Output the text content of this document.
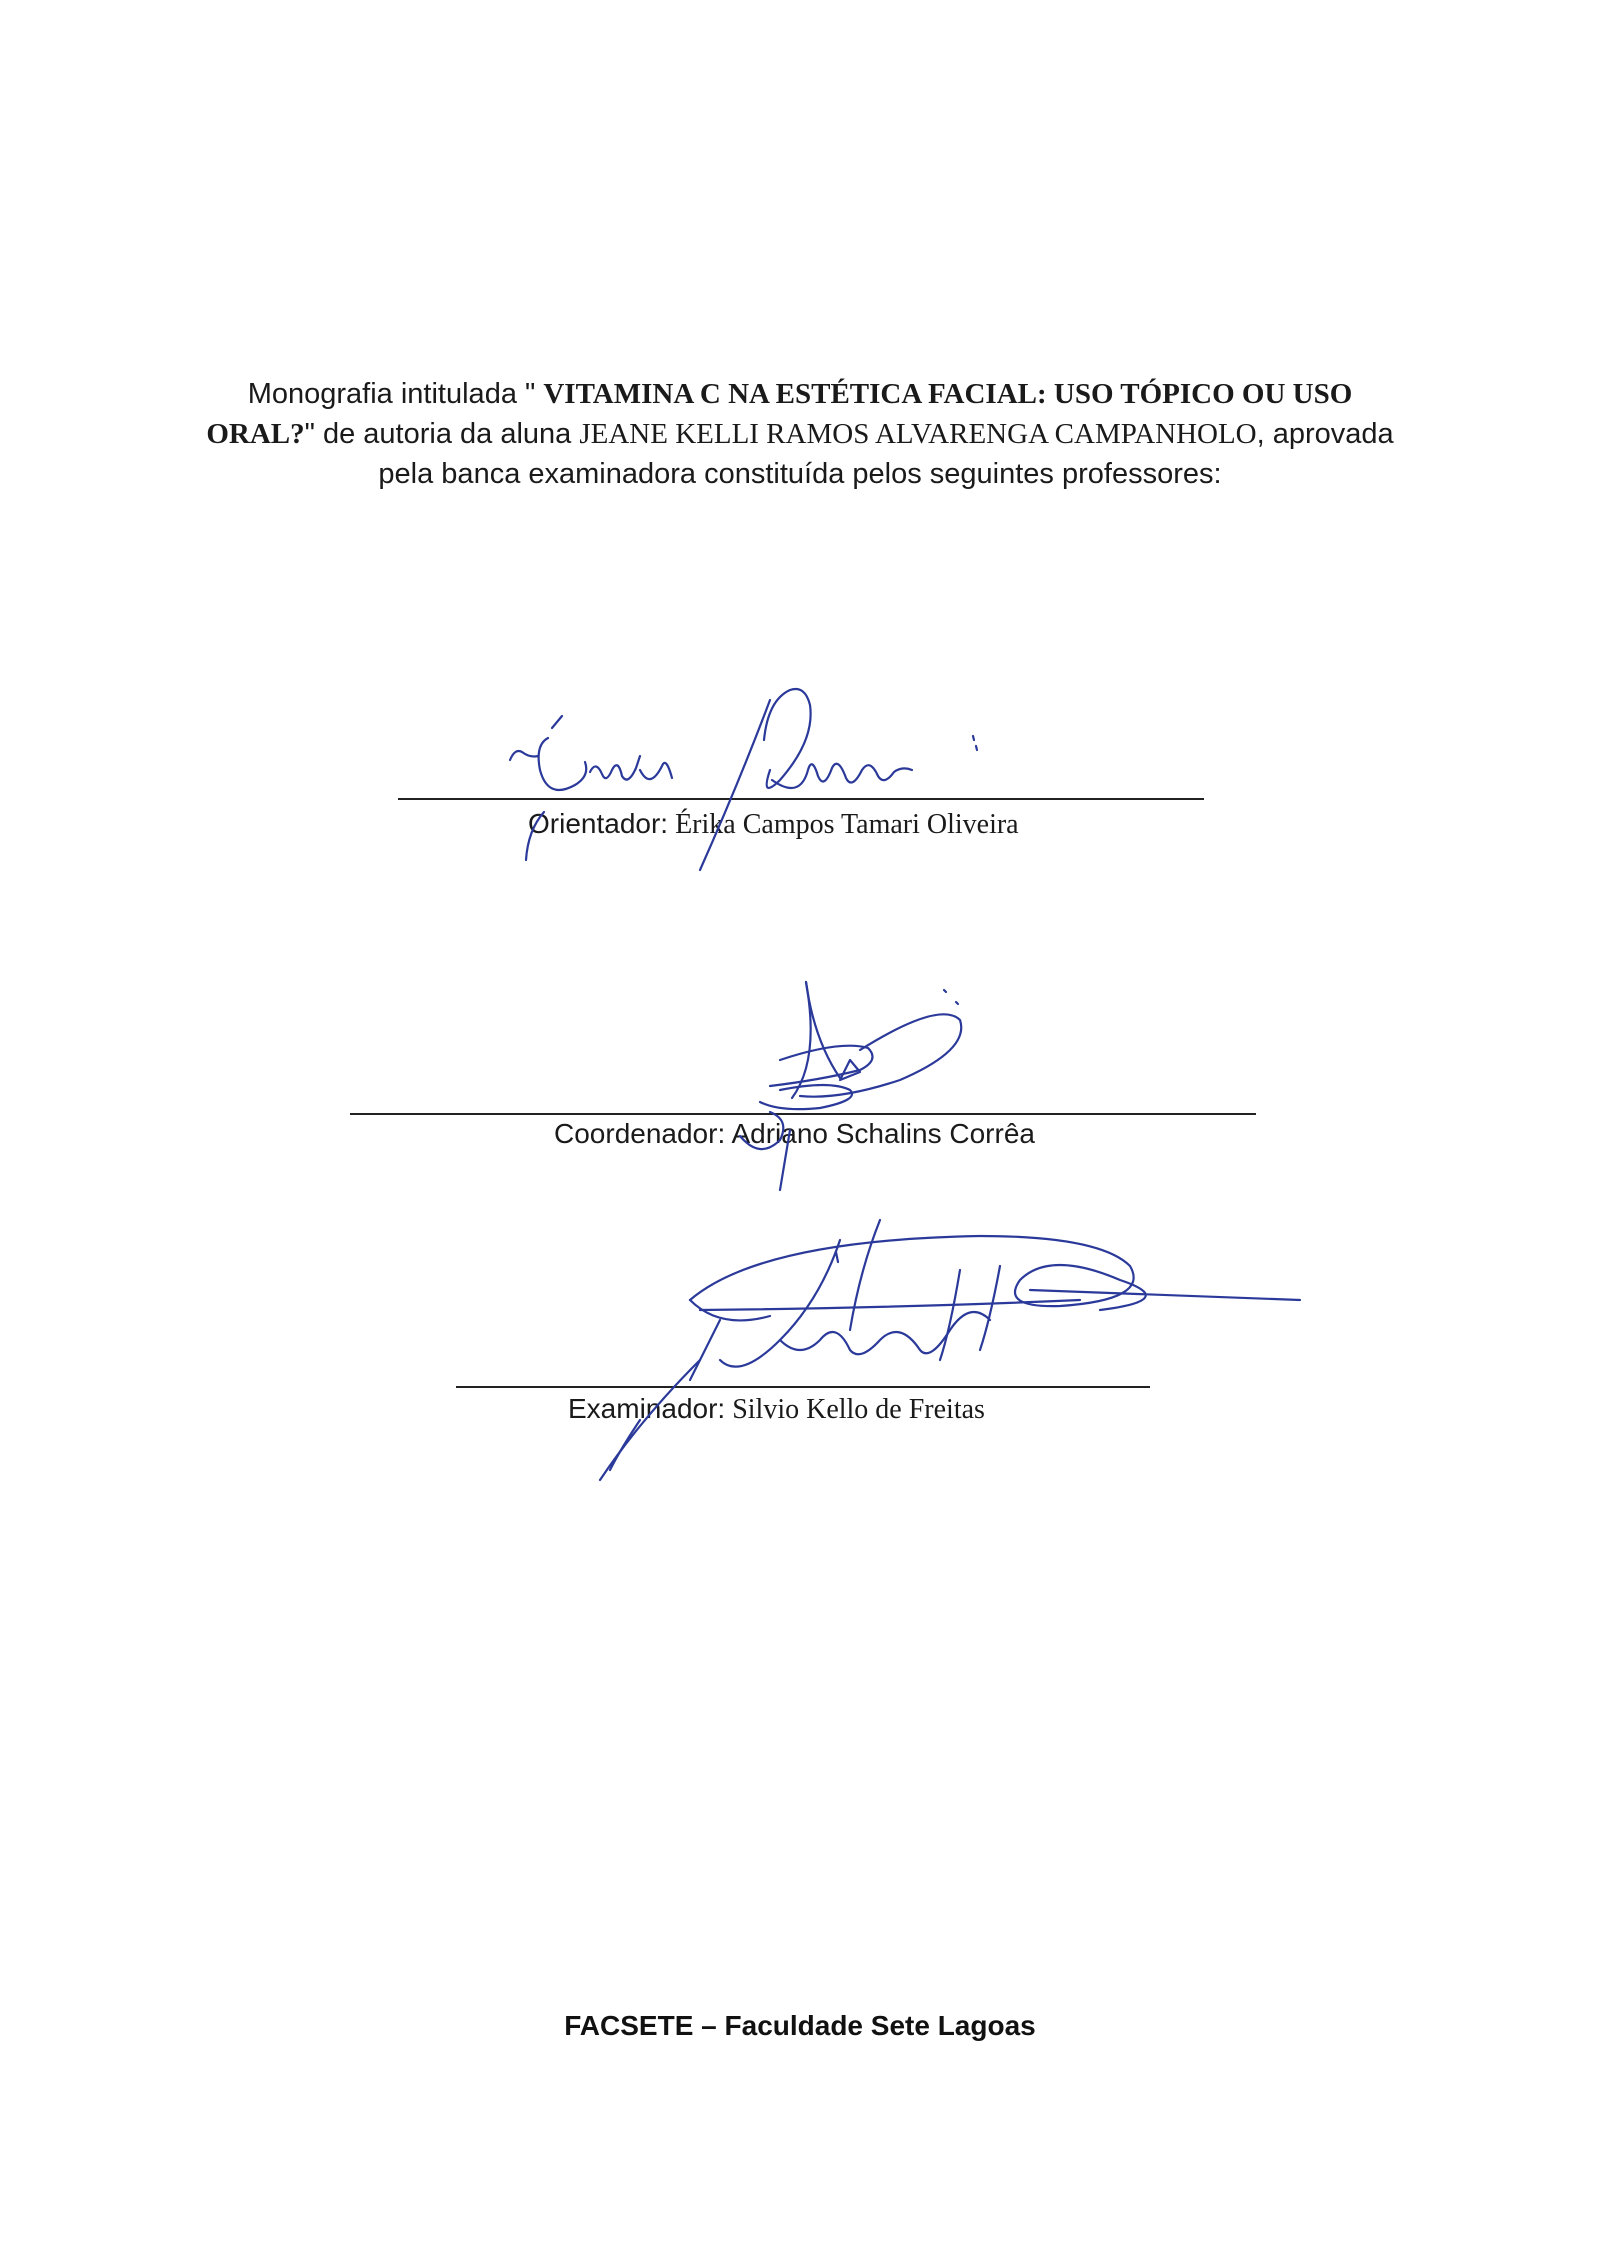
Monografia intitulada " VITAMINA C NA ESTÉTICA FACIAL: USO TÓPICO OU USO ORAL?" de autoria da aluna JEANE KELLI RAMOS ALVARENGA CAMPANHOLO, aprovada pela banca examinadora constituída pelos seguintes professores:

Orientador: Érika Campos Tamari Oliveira
Coordenador: Adriano Schalins Corrêa
Examinador: Silvio Kello de Freitas
FACSETE – Faculdade Sete Lagoas
